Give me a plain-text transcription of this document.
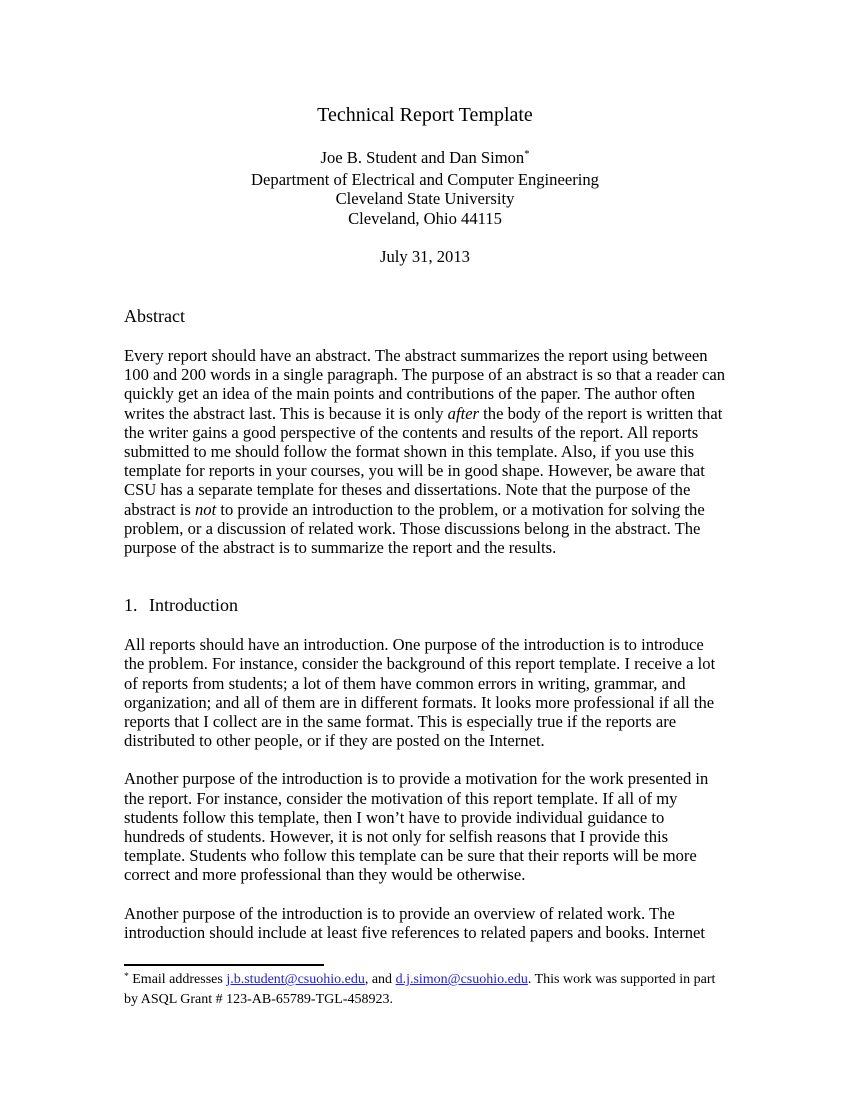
Technical Report Template
Joe B. Student and Dan Simon*
Department of Electrical and Computer Engineering
Cleveland State University
Cleveland, Ohio 44115
July 31, 2013
Abstract

Every report should have an abstract. The abstract summarizes the report using between 100 and 200 words in a single paragraph. The purpose of an abstract is so that a reader can quickly get an idea of the main points and contributions of the paper. The author often writes the abstract last. This is because it is only after the body of the report is written that the writer gains a good perspective of the contents and results of the report. All reports submitted to me should follow the format shown in this template. Also, if you use this template for reports in your courses, you will be in good shape. However, be aware that CSU has a separate template for theses and dissertations. Note that the purpose of the abstract is not to provide an introduction to the problem, or a motivation for solving the problem, or a discussion of related work. Those discussions belong in the abstract. The purpose of the abstract is to summarize the report and the results.

1. Introduction

All reports should have an introduction. One purpose of the introduction is to introduce the problem. For instance, consider the background of this report template. I receive a lot of reports from students; a lot of them have common errors in writing, grammar, and organization; and all of them are in different formats. It looks more professional if all the reports that I collect are in the same format. This is especially true if the reports are distributed to other people, or if they are posted on the Internet.

Another purpose of the introduction is to provide a motivation for the work presented in the report. For instance, consider the motivation of this report template. If all of my students follow this template, then I won’t have to provide individual guidance to hundreds of students. However, it is not only for selfish reasons that I provide this template. Students who follow this template can be sure that their reports will be more correct and more professional than they would be otherwise.

Another purpose of the introduction is to provide an overview of related work. The introduction should include at least five references to related papers and books. Internet

* Email addresses j.b.student@csuohio.edu, and d.j.simon@csuohio.edu. This work was supported in part by ASQL Grant # 123-AB-65789-TGL-458923.
